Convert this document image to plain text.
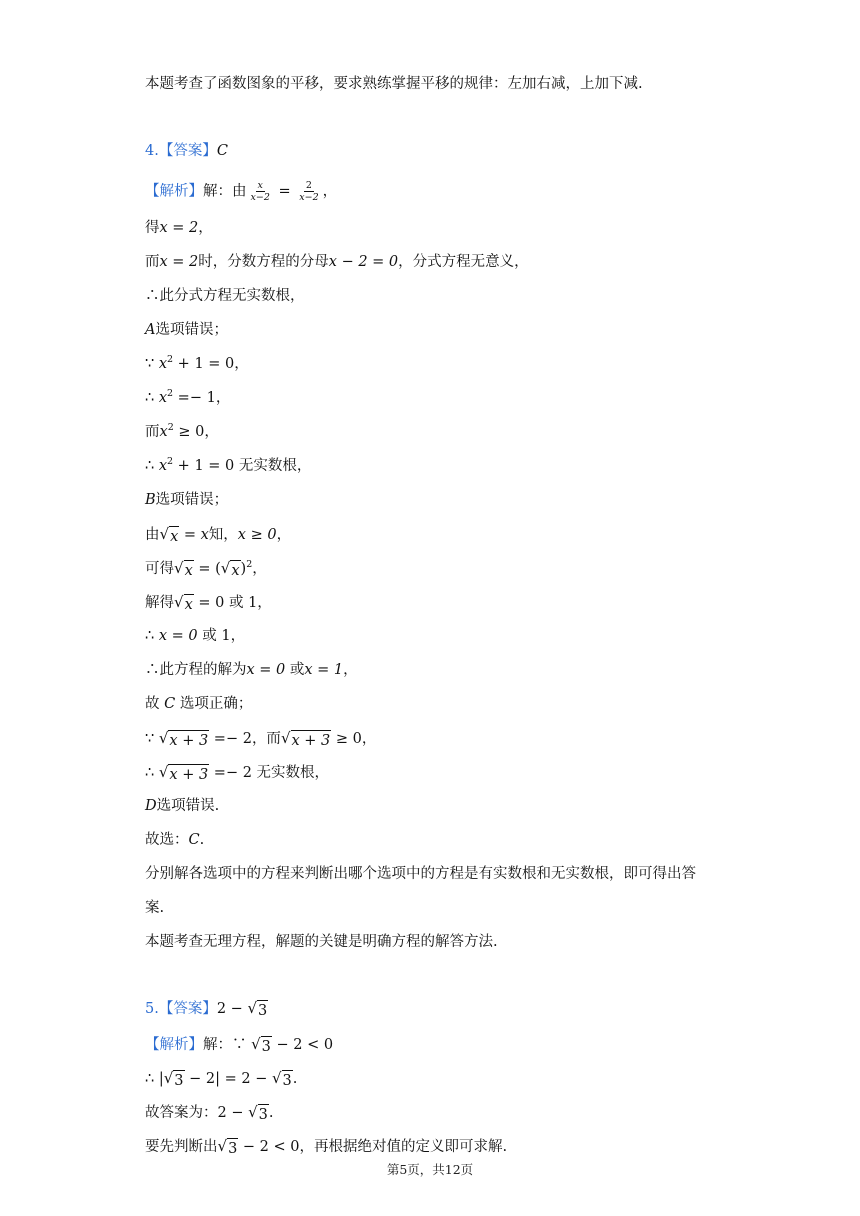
本题考查了函数图象的平移，要求熟练掌握平移的规律：左加右减，上加下减.
4.【答案】C
【解析】解：由 $\frac{x}{x-2} = \frac{2}{x-2}$ ，
得x = 2，
而x = 2时，分数方程的分母x − 2 = 0，分式方程无意义，
∴此分式方程无实数根，
A选项错误；
∵ $x^2 + 1 = 0$，
∴ $x^2 =- 1$，
而$x^2 \ge 0$，
∴ $x^2 + 1 = 0$ 无实数根，
B选项错误；
由 √ x = x知，x ≥ 0，
可得 √ x = ( √ x )$^2$，
解得 √ x = 0 或 1，
∴ x = 0 或 1，
∴此方程的解为x = 0 或x = 1，
故 C 选项正确；
∵ √ x + 3 =− 2，而 √ x + 3 ≥ 0，
∴ √ x + 3 =− 2 无实数根，
D选项错误.
故选：C.
分别解各选项中的方程来判断出哪个选项中的方程是有实数根和无实数根，即可得出答
案.
本题考查无理方程，解题的关键是明确方程的解答方法.
5.【答案】2 − √ 3
【解析】解：∵ √ 3 − 2 < 0
∴ | √ 3 − 2| = 2 − √ 3 .
故答案为：2 − √ 3 .
要先判断出 √ 3 − 2 < 0，再根据绝对值的定义即可求解.
第5页，共12页
